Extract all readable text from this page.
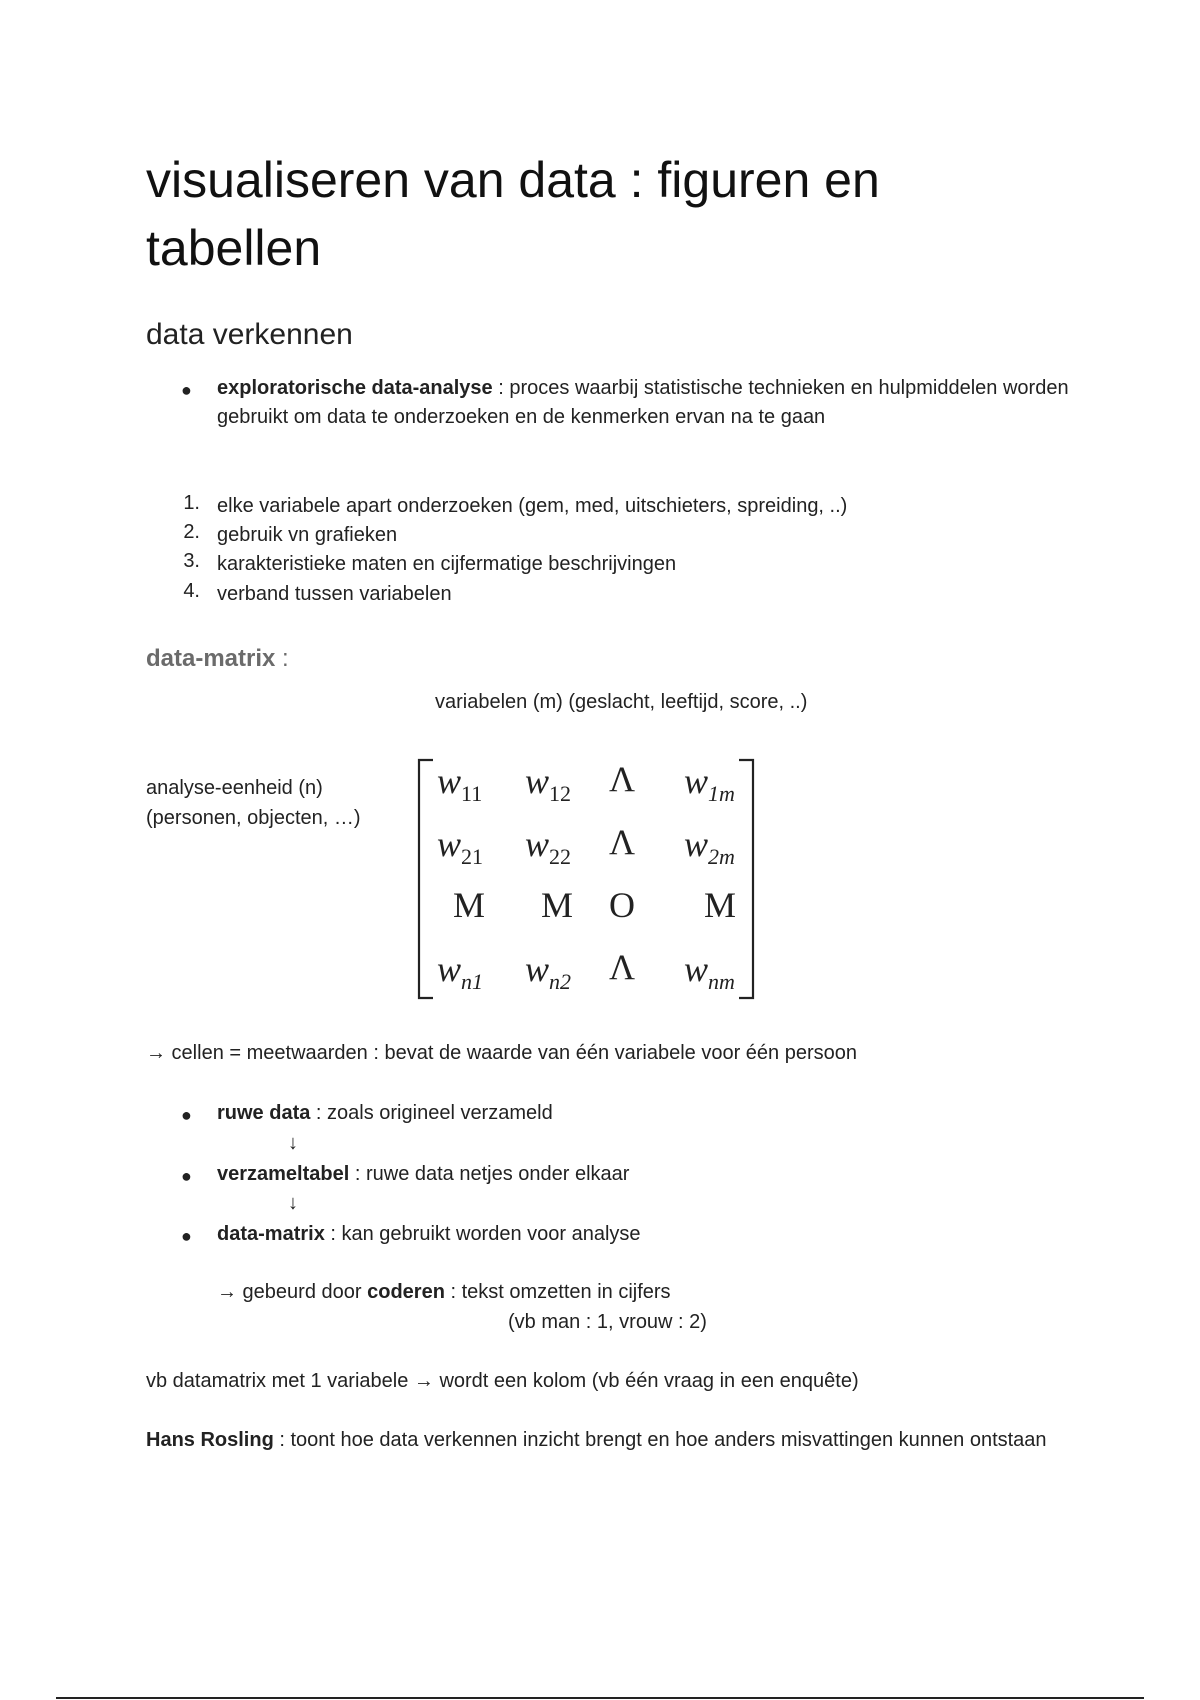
visualiseren van data : figuren en tabellen
data verkennen
● exploratorische data-analyse : proces waarbij statistische technieken en hulpmiddelen worden gebruikt om data te onderzoeken en de kenmerken ervan na te gaan

1. elke variabele apart onderzoeken (gem, med, uitschieters, spreiding, ..)
2. gebruik vn grafieken
3. karakteristieke maten en cijfermatige beschrijvingen
4. verband tussen variabelen
data-matrix :
variabelen (m) (geslacht, leeftijd, score, ..)
analyse-eenheid (n)
(personen, objecten, …)
$w_{11}$ $w_{12}$ Λ $w_{1m}$
$w_{21}$ $w_{22}$ Λ $w_{2m}$
M M O M
$w_{n1}$ $w_{n2}$ Λ $w_{nm}$

→ cellen = meetwaarden : bevat de waarde van één variabele voor één persoon

● ruwe data : zoals origineel verzameld

↓
● verzameltabel : ruwe data netjes onder elkaar

↓
● data-matrix : kan gebruikt worden voor analyse

→ gebeurd door coderen : tekst omzetten in cijfers

(vb man : 1, vrouw : 2)

vb datamatrix met 1 variabele → wordt een kolom (vb één vraag in een enquête)

Hans Rosling : toont hoe data verkennen inzicht brengt en hoe anders misvattingen kunnen ontstaan
